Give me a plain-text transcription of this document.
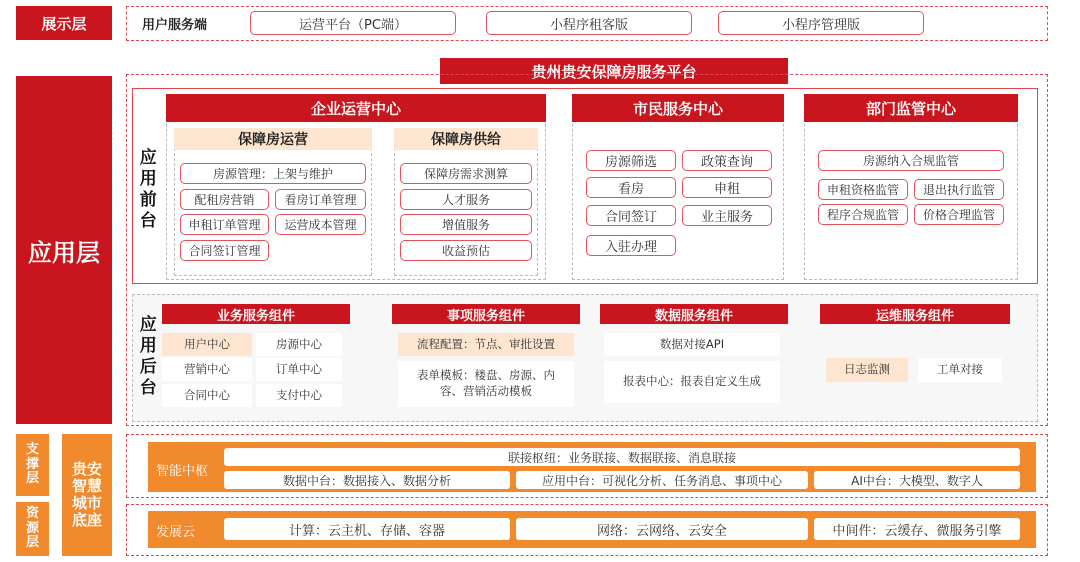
展示层	用户服务端	运营平台（PC端）	小程序租客版	小程序管理版
应用层
贵州贵安保障房服务平台
应用前台
企业运营中心
保障房运营
房源管理：上架与维护
配租房营销	看房订单管理
申租订单管理	运营成本管理
合同签订管理
保障房供给
保障房需求测算
人才服务
增值服务
收益预估
市民服务中心
房源筛选	政策查询
看房	申租
合同签订	业主服务
入驻办理
部门监管中心
房源纳入合规监管
申租资格监管	退出执行监管
程序合规监管	价格合理监管
应用后台	业务服务组件
用户中心	房源中心
营销中心	订单中心
合同中心	支付中心
事项服务组件
流程配置：节点、审批设置
表单模板：楼盘、房源、内容、营销活动模板
数据服务组件
数据对接API
报表中心：报表自定义生成
运维服务组件
日志监测	工单对接
支撑层
资源层
贵安智慧城市底座
智能中枢
联接枢纽：业务联接、数据联接、消息联接
数据中台：数据接入、数据分析	应用中台：可视化分析、任务消息、事项中心	AI中台：大模型、数字人
发展云	计算：云主机、存储、容器	网络：云网络、云安全	中间件：云缓存、微服务引擎
